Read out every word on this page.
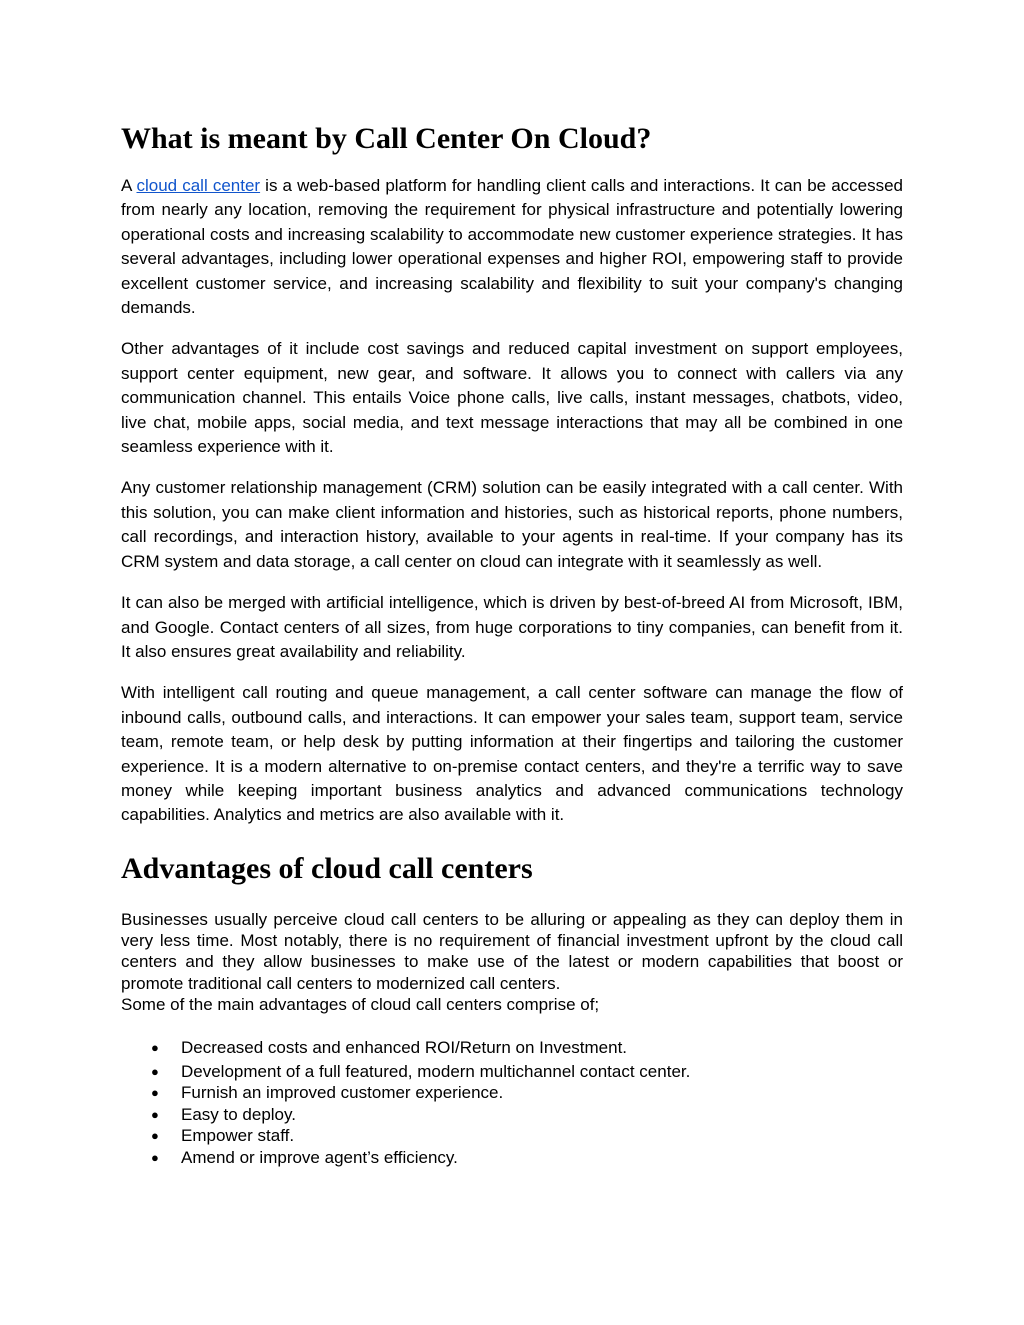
What is meant by Call Center On Cloud?

A cloud call center is a web-based platform for handling client calls and interactions. It can be accessed from nearly any location, removing the requirement for physical infrastructure and potentially lowering operational costs and increasing scalability to accommodate new customer experience strategies. It has several advantages, including lower operational expenses and higher ROI, empowering staff to provide excellent customer service, and increasing scalability and flexibility to suit your company's changing demands.

Other advantages of it include cost savings and reduced capital investment on support employees, support center equipment, new gear, and software. It allows you to connect with callers via any communication channel. This entails Voice phone calls, live calls, instant messages, chatbots, video, live chat, mobile apps, social media, and text message interactions that may all be combined in one seamless experience with it.

Any customer relationship management (CRM) solution can be easily integrated with a call center. With this solution, you can make client information and histories, such as historical reports, phone numbers, call recordings, and interaction history, available to your agents in real-time. If your company has its CRM system and data storage, a call center on cloud can integrate with it seamlessly as well.

It can also be merged with artificial intelligence, which is driven by best-of-breed AI from Microsoft, IBM, and Google. Contact centers of all sizes, from huge corporations to tiny companies, can benefit from it. It also ensures great availability and reliability.

With intelligent call routing and queue management, a call center software can manage the flow of inbound calls, outbound calls, and interactions. It can empower your sales team, support team, service team, remote team, or help desk by putting information at their fingertips and tailoring the customer experience. It is a modern alternative to on-premise contact centers, and they're a terrific way to save money while keeping important business analytics and advanced communications technology capabilities. Analytics and metrics are also available with it.

Advantages of cloud call centers

Businesses usually perceive cloud call centers to be alluring or appealing as they can deploy them in very less time. Most notably, there is no requirement of financial investment upfront by the cloud call centers and they allow businesses to make use of the latest or modern capabilities that boost or promote traditional call centers to modernized call centers.

Some of the main advantages of cloud call centers comprise of;

● Decreased costs and enhanced ROI/Return on Investment.
● Development of a full featured, modern multichannel contact center.
● Furnish an improved customer experience.
● Easy to deploy.
● Empower staff.
● Amend or improve agent’s efficiency.
